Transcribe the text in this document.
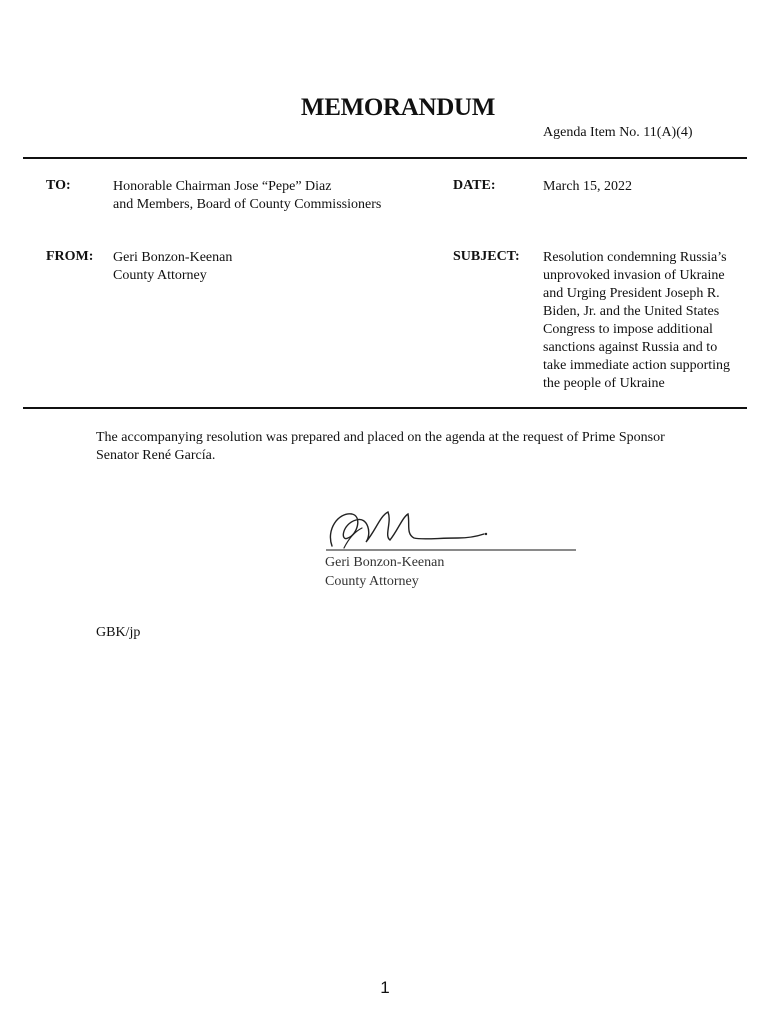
MEMORANDUM
Agenda Item No. 11(A)(4)
TO:	Honorable Chairman Jose “Pepe” Diaz
and Members, Board of County Commissioners
DATE:	March 15, 2022
FROM: Geri Bonzon-Keenan
County Attorney
SUBJECT: Resolution condemning Russia’s
unprovoked invasion of Ukraine
and Urging President Joseph R.
Biden, Jr. and the United States
Congress to impose additional
sanctions against Russia and to
take immediate action supporting
the people of Ukraine
The accompanying resolution was prepared and placed on the agenda at the request of Prime Sponsor
Senator René García.
Geri Bonzon-Keenan
County Attorney
GBK/jp
1
